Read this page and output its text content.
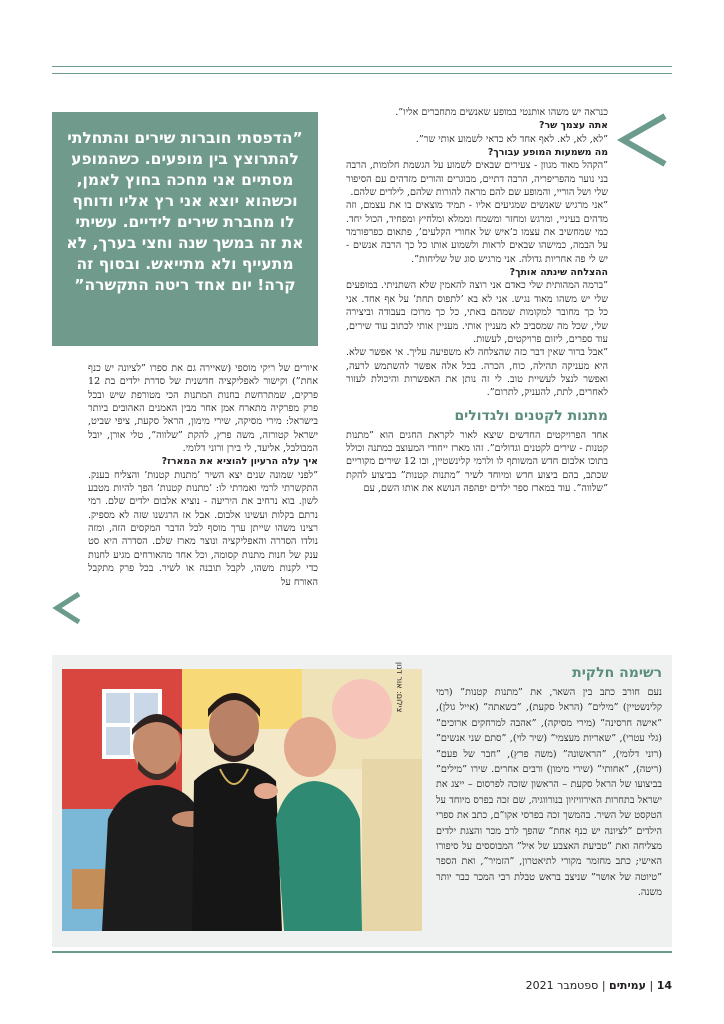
”הדפסתי חוברות שירים והתחלתי להתרוצץ בין מופעים. כשהמופע מסתיים אני מחכה בחוץ לאמן, וכשהוא יוצא אני רץ אליו ודוחף לו מחברת שירים לידיים. עשיתי את זה במשך שנה וחצי בערך, לא מתעייף ולא מתייאש. ובסוף זה קרה! יום אחד ריטה התקשרה”

כנראה יש משהו אותנטי במופע שאנשים מתחברים אליו”.

אתה עצמך שר?

”לא, לא, לא. לאף אחד לא כדאי לשמוע אותי שר”.

מה משמעות המופע עבורך?

”הקהל מאוד מגוון - צעירים שבאים לשמוע על הגשמת חלומות, הרבה בני נוער מהפריפריה, הרבה דתיים, מבוגרים והורים מזדהים עם הסיפור שלי ושל הוריי, והמופע שם להם מראה להורות שלהם, לילדים שלהם.

”אני מרגיש שאנשים שמגיעים אליו - תמיד מוצאים בו את עצמם, וזה מדהים בעיניי, ומרגש ומחזר ומשמח וממלא ומלחיץ ומפחיד, הכול יחד. כמי שמחשיב את עצמו כ’איש של אחורי הקלעים’, פתאום כפרפורמר על הבמה, כמישהו שבאים לראות ולשמוע אותו כל כך הרבה אנשים - יש לי פה אחריות גדולה. אני מרגיש סוג של שליחות”.

ההצלחה שינתה אותך?

”ברמה המהותית שלי כאדם אני רוצה להאמין שלא השתניתי. במופעים שלי יש משהו מאוד נגיש. אני לא בא ’לתפוס תחת’ על אף אחד. אני כל כך מחובר למקומות שמהם באתי, כל כך מרוכז בעבודה וביצירה שלי, שכל מה שמסביב לא מעניין אותי. מעניין אותי לכתוב עוד שירים, עוד ספרים, ליזום פרויקטים, לעשות.

”אבל ברור שאין דבר כזה שהצלחה לא משפיעה עליך. אי אפשר שלא. היא מעניקה תהילה, כוח, הכרה. בכל אלה אפשר להשתמש לרעה, ואפשר לנצל לעשיית טוב. לי זה נותן את האפשרות והיכולת לעזור לאחרים, לתת, להעניק, לתרום”.

מתנות לקטנים ולגדולים

אחד הפרויקטים החדשים שיצא לאור לקראת החגים הוא ”מתנות קטנות - שירים לקטנים וגדולים”. זהו מארז ייחודי המעוצב כמתנה וכולל בתוכו אלבום חדש המשותף לו ולרמי קלינשטיין, ובו 12 שירים מקוריים שכתב, בהם ביצוע חדש ומיוחד לשיר ”מתנות קטנות” בביצוע להקת ”שלווה”. עוד במארז ספר ילדים יפהפה הנושא את אותו השם, עם

איורים של ריקי מוספי (שאיירה גם את ספרו ”לציונה יש כנף אחת”) וקישור לאפליקציה חדשנית של סדרת ילדים בת 12 פרקים, שמתרחשת בחנות המתנות הכי מטורפת שיש ובכל פרק מפרקיה מתארח אמן אחר מבין האמנים האהובים ביותר בישראל: מירי מסיקה, שירי מימון, הראל סקעת, ציפי שביט, ישראל קטורזה, משה פרץ, להקת ”שלווה”, טלי אורן, יובל המבולבל, אליעד, לי בירן ורוני דלומי.

איך עלה הרעיון להוציא את המארז?

”לפני שמונה שנים יצא השיר ’מתנות קטנות’ והצליח בענק. התקשרתי לרמי ואמרתי לו: ’מתנות קטנות’ הפך להיות מטבע לשון. בוא נרחיב את היריעה - נוציא אלבום ילדים שלם. רמי נרתם בקלות ועשינו אלבום. אבל אז הרגשנו שזה לא מספיק. רצינו משהו שייתן ערך מוסף לכל הדבר המקסים הזה, ומזה נולדו הסדרה והאפליקציה ונוצר מארז שלם. הסדרה היא סט ענק של חנות מתנות קסומה, וכל אחד מהאורחים מגיע לחנות כדי לקנות משהו, לקבל תובנה או לשיר. בכל פרק מתקבל האורח על

רשימה חלקית

נעם חורב כתב בין השאר, את ”מתנות קטנות” (רמי קלינשטיין) ”מילים” (הראל סקעת), ”כשאתה” (אייל גולן), ”אישה חרסינה” (מירי מסיקה), ”אהבה למרחקים ארוכים” (גלי עטרי), ”שאריות מעצמי” (שיר לוי), ”סתם שני אנשים” (רוני דלומי), ”הראשונה” (משה פרץ), ”חבר של פעם” (ריטה), ”אחותי” (שירי מימון) ורבים אחרים. שירו ”מילים” בביצועו של הראל סקעת – הראשון שזכה לפרסום – ייצג את ישראל בתחרות האירוויזיון בנורווגיה, שם זכה בפרס מיוחד על הטקסט של השיר. בהמשך זכה בפרסי אקו”ם, כתב את ספרי הילדים ”לציונה יש כנף אחת” שהפך לרב מכר והצגת ילדים מצליחה ואת ”טביעת האצבע של איל” המבוססים על סיפורו האישי; כתב מחזמר מקורי לתיאטרון, ”הזמיר”, ואת הספר ”טיוטה של אושר” שניצב בראש טבלת רבי המכר כבר יותר משנה.

צילום: אור דנון
14 | עמיתים | ספטמבר 2021
